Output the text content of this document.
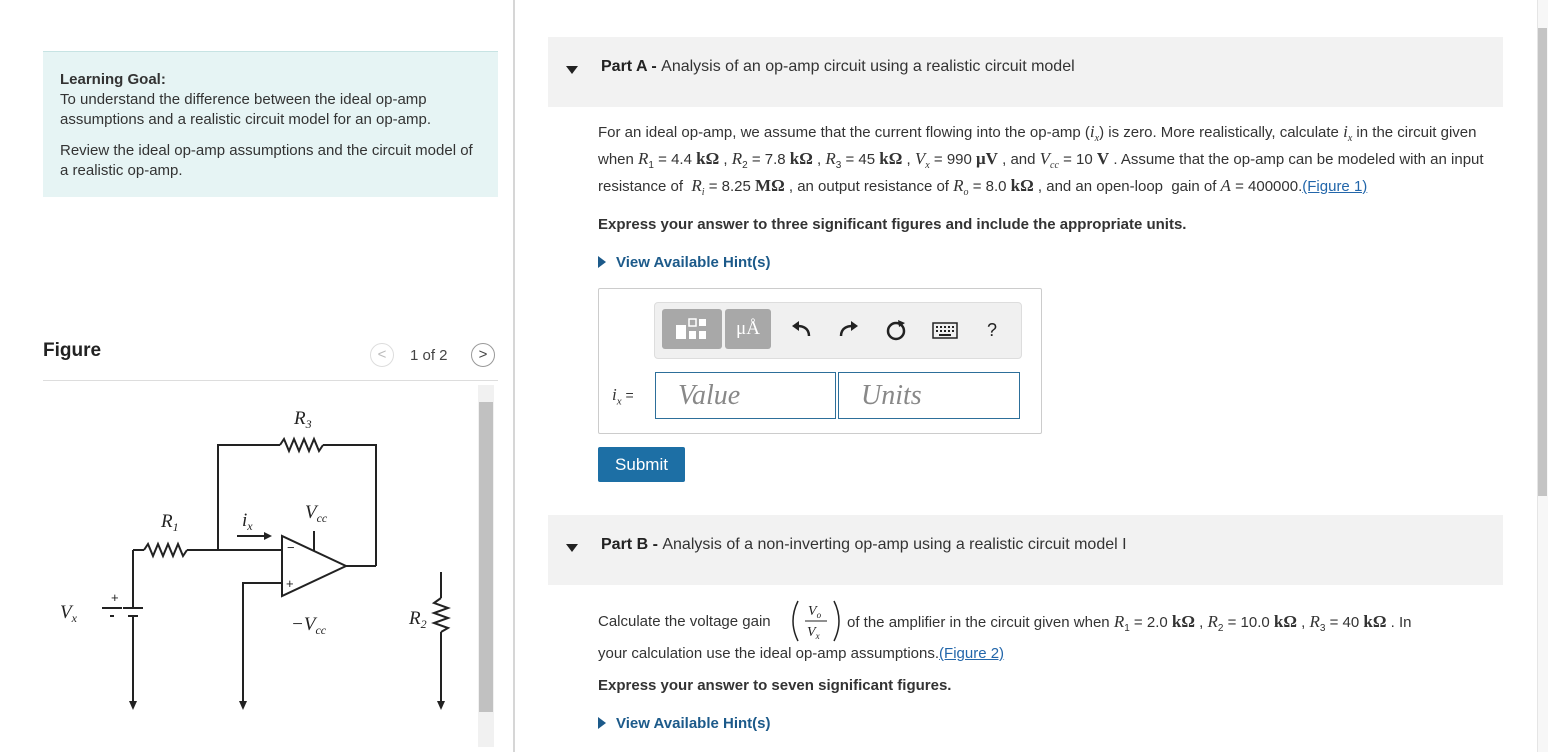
Learning Goal:
To understand the difference between the ideal op-amp assumptions and a realistic circuit model for an op-amp.

Review the ideal op-amp assumptions and the circuit model of a realistic op-amp.

Figure	<	1 of 2	>
$R_3$
$R_1$
$R_2$
$i_x$
$V_{cc}$
$-V_{cc}$
$V_x$
−
+
+
Part A - Analysis of an op-amp circuit using a realistic circuit model
For an ideal op-amp, we assume that the current flowing into the op-amp $(i_x)$ is zero. More realistically, calculate $i_x$ in the circuit given when $R_1 = 4.4$ kΩ , $R_2 = 7.8$ kΩ , $R_3 = 45$ kΩ , $V_x = 990$ μV , and $V_{cc} = 10$ V . Assume that the op-amp can be modeled with an input resistance of  $R_i = 8.25$ MΩ , an output resistance of $R_o = 8.0$ kΩ , and an open-loop  gain of A = 400000.(Figure 1)
Express your answer to three significant figures and include the appropriate units.
View Available Hint(s)
μÅ	?
$i_x$ =	Value	Units
Submit
Part B - Analysis of a non-inverting op-amp using a realistic circuit model I
Calculate the voltage gain
$V_o$
$V_x$
of the amplifier in the circuit given when $R_1 = 2.0$ kΩ , $R_2 = 10.0$ kΩ , $R_3 = 40$ kΩ . In
your calculation use the ideal op-amp assumptions.(Figure 2)
Express your answer to seven significant figures.
View Available Hint(s)
